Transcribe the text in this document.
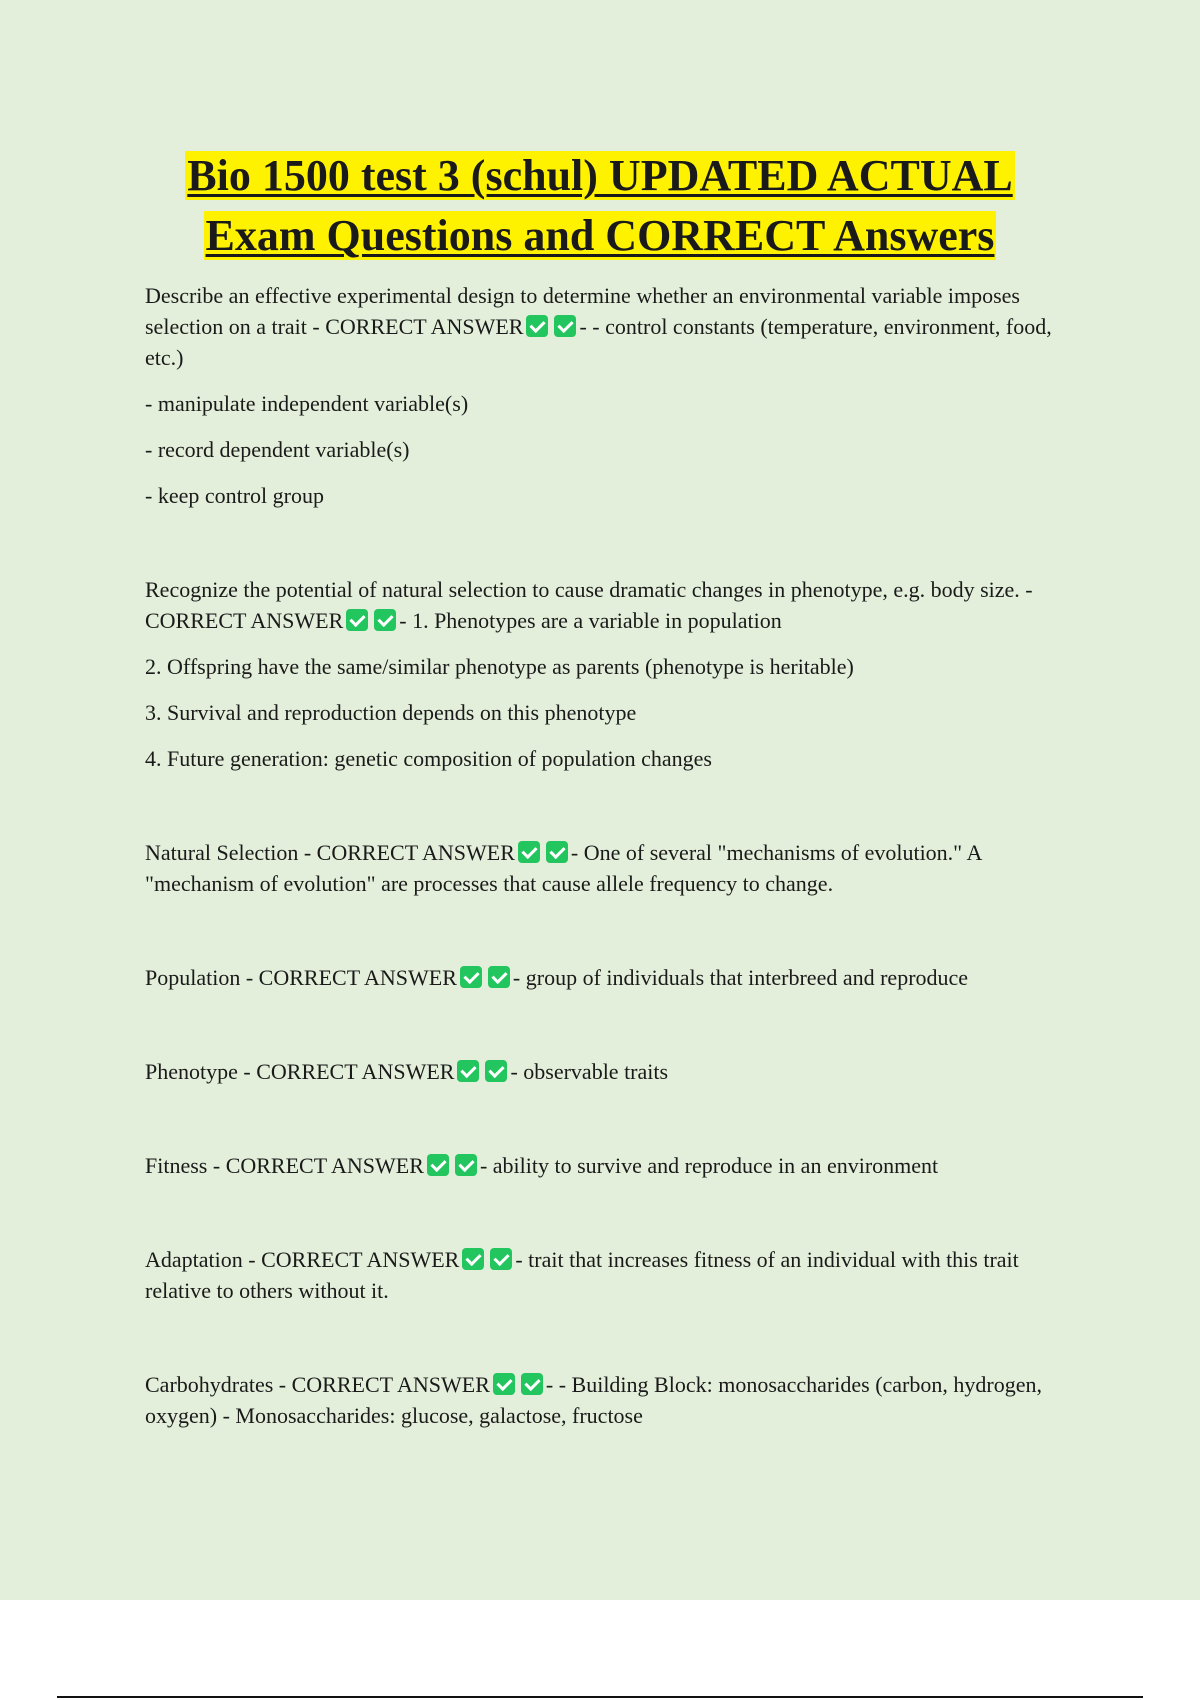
Bio 1500 test 3 (schul) UPDATED ACTUAL
Exam Questions and CORRECT Answers

Describe an effective experimental design to determine whether an environmental variable imposes selection on a trait - CORRECT ANSWER	- - control constants (temperature, environment, food, etc.)

- manipulate independent variable(s)

- record dependent variable(s)

- keep control group

Recognize the potential of natural selection to cause dramatic changes in phenotype, e.g. body size. - CORRECT ANSWER	- 1. Phenotypes are a variable in population

2. Offspring have the same/similar phenotype as parents (phenotype is heritable)

3. Survival and reproduction depends on this phenotype

4. Future generation: genetic composition of population changes

Natural Selection - CORRECT ANSWER	- One of several "mechanisms of evolution." A "mechanism of evolution" are processes that cause allele frequency to change.

Population - CORRECT ANSWER	- group of individuals that interbreed and reproduce

Phenotype - CORRECT ANSWER	- observable traits

Fitness - CORRECT ANSWER	- ability to survive and reproduce in an environment

Adaptation - CORRECT ANSWER	- trait that increases fitness of an individual with this trait relative to others without it.

Carbohydrates - CORRECT ANSWER	- - Building Block: monosaccharides (carbon, hydrogen, oxygen) - Monosaccharides: glucose, galactose, fructose
